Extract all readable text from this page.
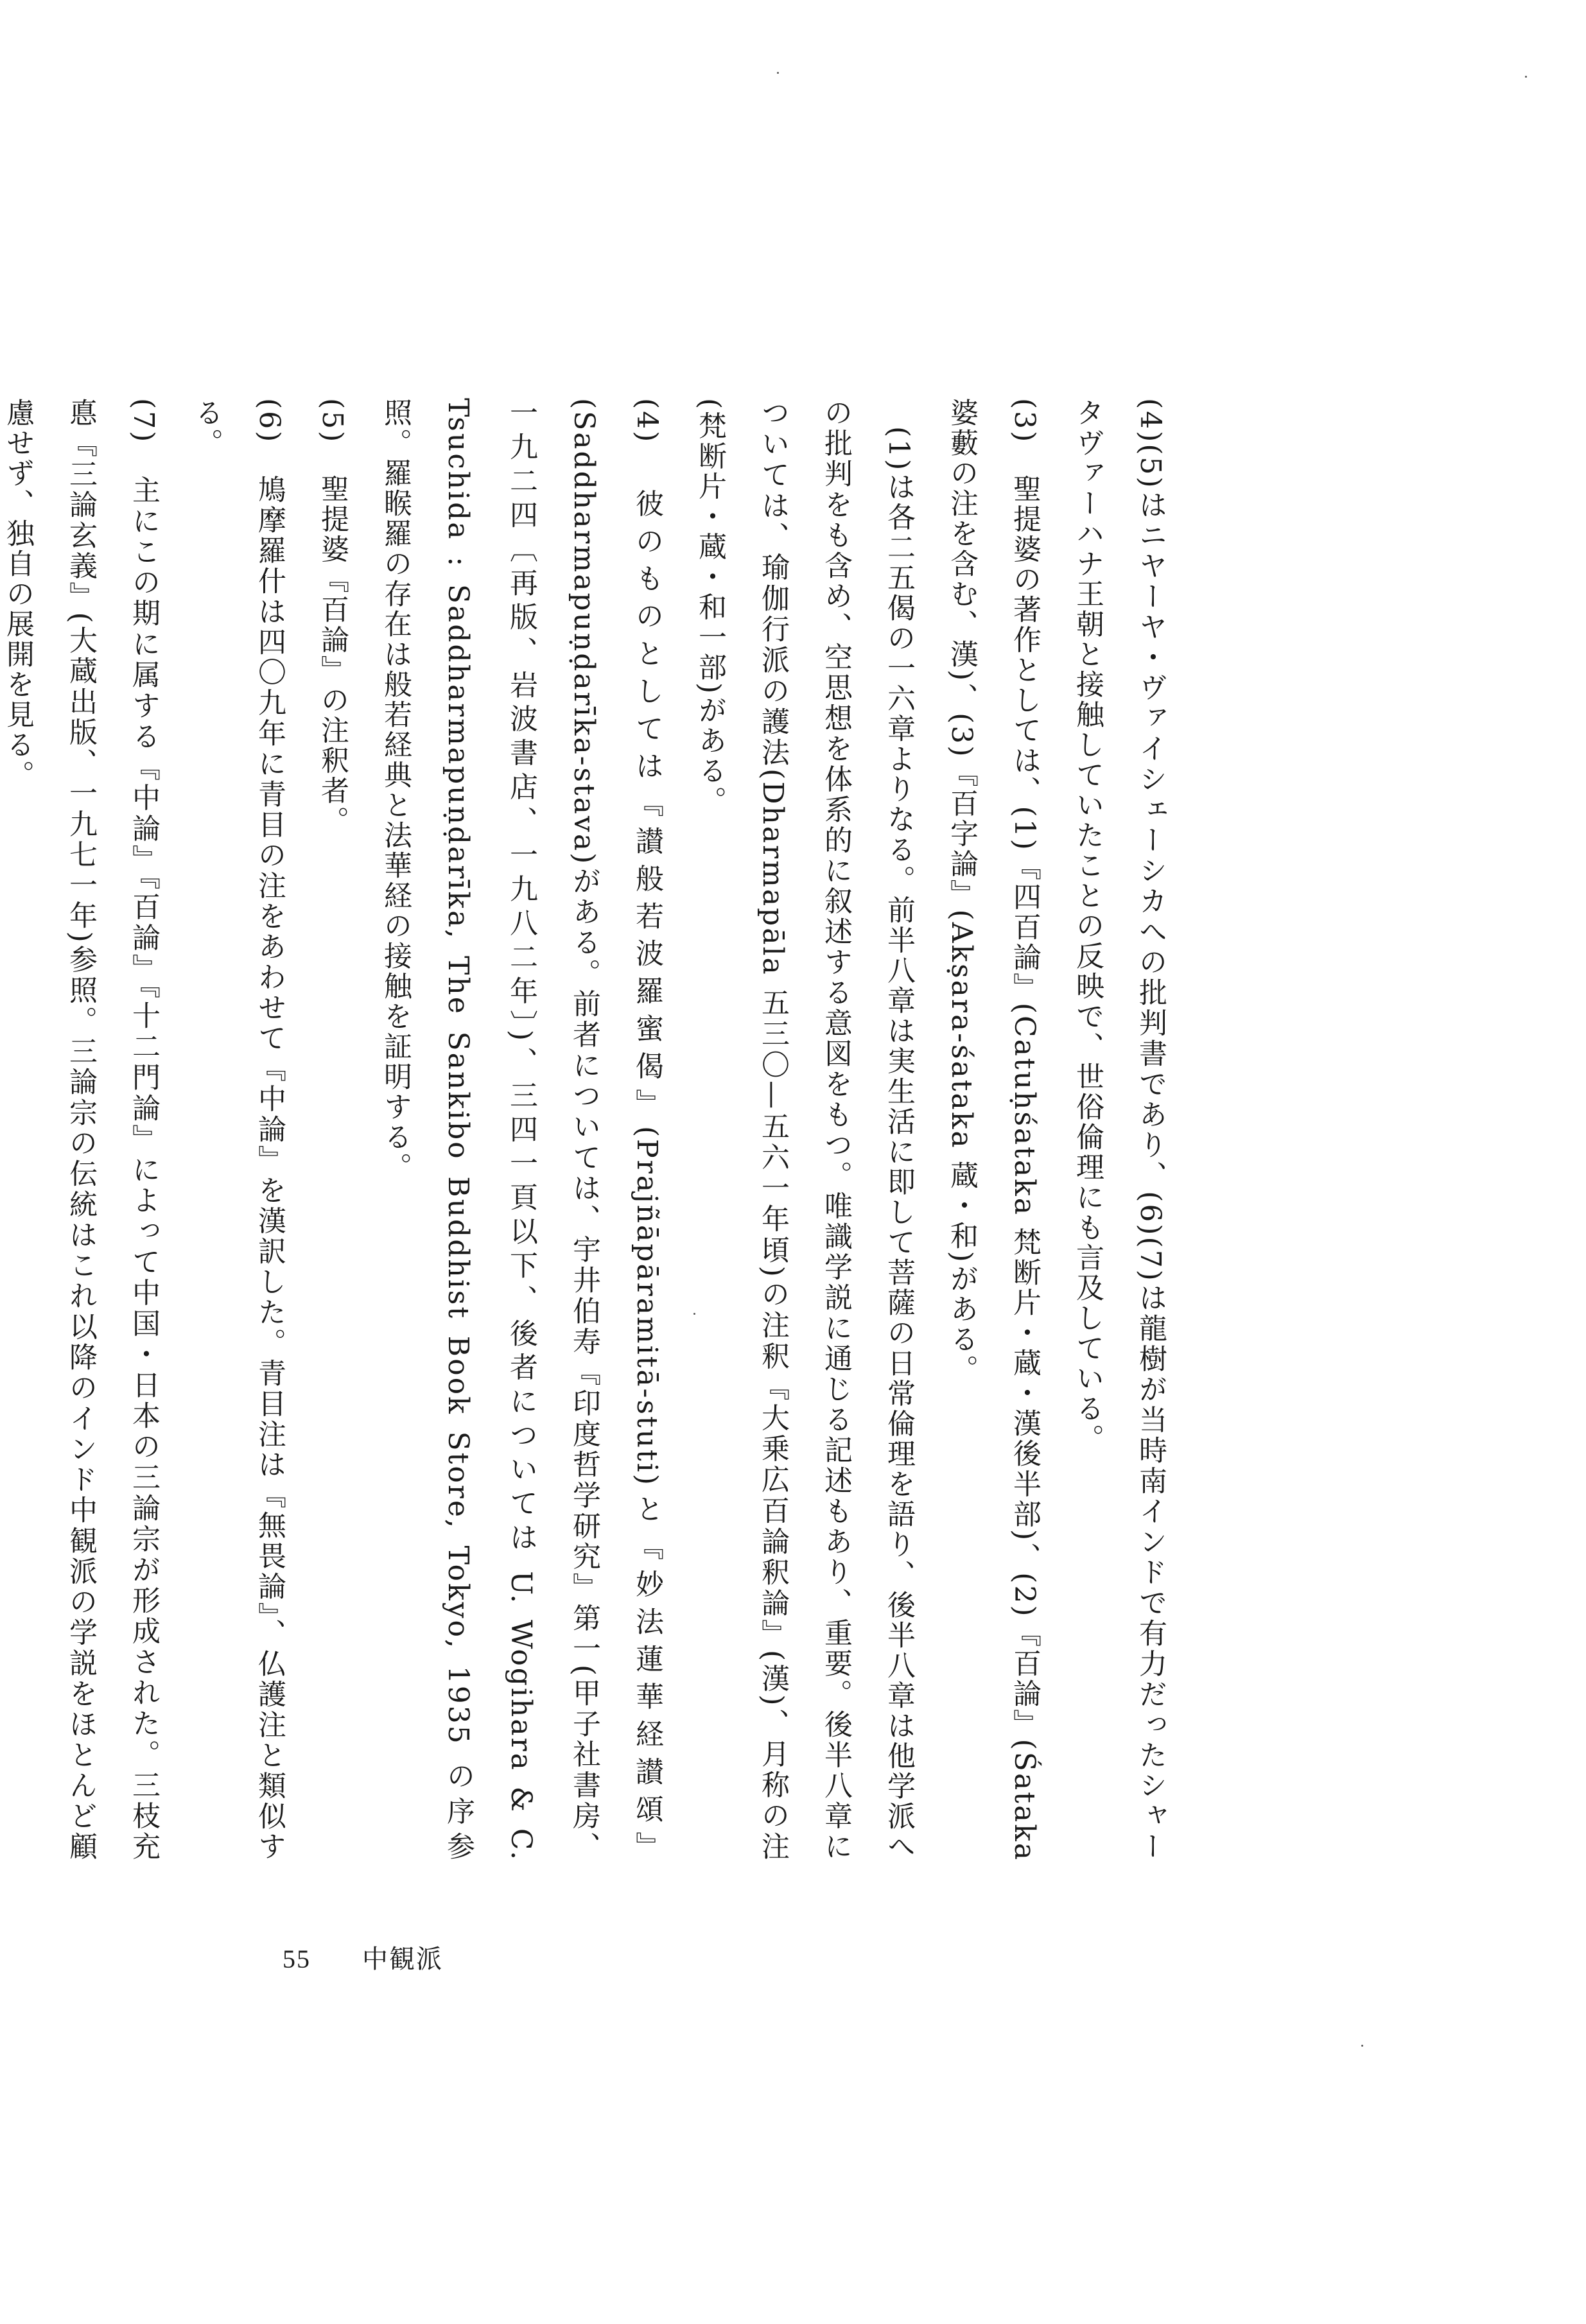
(4)(5)はニヤーヤ・ヴァイシェーシカへの批判書であり、(6)(7)は龍樹が当時南インドで有力だったシャータヴァーハナ王朝と接触していたことの反映で、世俗倫理にも言及している。

(3)　聖提婆の著作としては、(1)『四百論』(Catuḥśataka 梵断片・蔵・漢後半部)、(2)『百論』(Śataka 婆藪の注を含む、漢)、(3)『百字論』(Akṣara-śataka 蔵・和)がある。

(1)は各二五偈の一六章よりなる。前半八章は実生活に即して菩薩の日常倫理を語り、後半八章は他学派への批判をも含め、空思想を体系的に叙述する意図をもつ。唯識学説に通じる記述もあり、重要。後半八章については、瑜伽行派の護法(Dharmapāla 五三〇—五六一年頃)の注釈『大乗広百論釈論』(漢)、月称の注(梵断片・蔵・和一部)がある。

(4)　彼のものとしては『讃般若波羅蜜偈』(Prajñāpāramitā-stuti)と『妙法蓮華経讃頌』(Saddharmapuṇḍarīka-stava)がある。前者については、宇井伯寿『印度哲学研究』第一(甲子社書房、一九二四〔再版、岩波書店、一九八二年〕)、三四一頁以下、後者については U. Wogihara & C. Tsuchida : Saddharmapuṇḍarīka, The Sankibo Buddhist Book Store, Tokyo, 1935 の序参照。羅睺羅の存在は般若経典と法華経の接触を証明する。

(5)　聖提婆『百論』の注釈者。

(6)　鳩摩羅什は四〇九年に青目の注をあわせて『中論』を漢訳した。青目注は『無畏論』、仏護注と類似する。

(7)　主にこの期に属する『中論』『百論』『十二門論』によって中国・日本の三論宗が形成された。三枝充悳『三論玄義』(大蔵出版、一九七一年)参照。三論宗の伝統はこれ以降のインド中観派の学説をほとんど顧慮せず、独自の展開を見る。

55 中観派
